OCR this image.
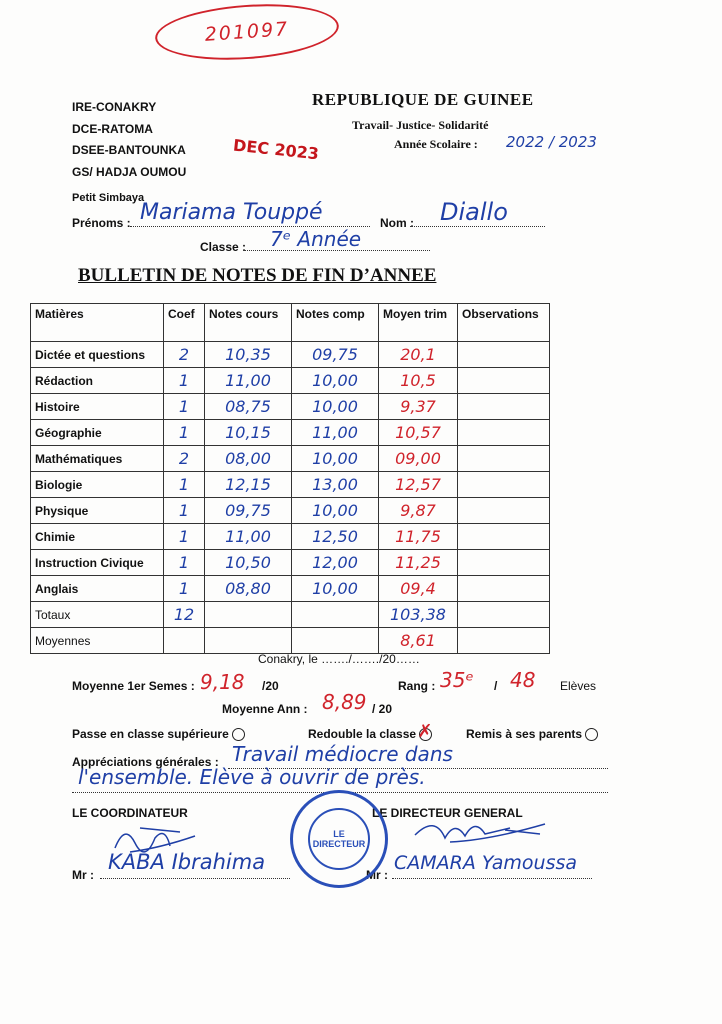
201097
IRE-CONAKRY
DCE-RATOMA
DSEE-BANTOUNKA
GS/ HADJA OUMOU
Petit Simbaya
REPUBLIQUE DE GUINEE
Travail- Justice- Solidarité
Année Scolaire : 2022 / 2023
DEC 2023
Prénoms : Mariama Touppé	Nom : Diallo
Classe : 7ᵉ Année
BULLETIN DE NOTES DE FIN D’ANNEE
Matières	Coef	Notes cours	Notes comp	Moyen trim	Observations
Dictée et questions	2	10,35	09,75	20,1	
Rédaction	1	11,00	10,00	10,5	
Histoire	1	08,75	10,00	9,37	
Géographie	1	10,15	11,00	10,57	
Mathématiques	2	08,00	10,00	09,00	
Biologie	1	12,15	13,00	12,57	
Physique	1	09,75	10,00	9,87	
Chimie	1	11,00	12,50	11,75	
Instruction Civique	1	10,50	12,00	11,25	
Anglais	1	08,80	10,00	09,4	
Totaux	12			103,38	
Moyennes				8,61	
Conakry, le ……./……./20……
Moyenne 1er Semes : 9,18 /20	Rang : 35ᵉ / 48 Elèves
Moyenne Ann : 8,89 / 20
Passe en classe supérieure	Redouble la classe ✗	Remis à ses parents
Appréciations générales : Travail médiocre dans
l'ensemble. Elève à ouvrir de près.
LE COORDINATEUR	LE DIRECTEUR GENERAL
Mr :
KABA Ibrahima
Mr :
CAMARA Yamoussa
LE DIRECTEUR
